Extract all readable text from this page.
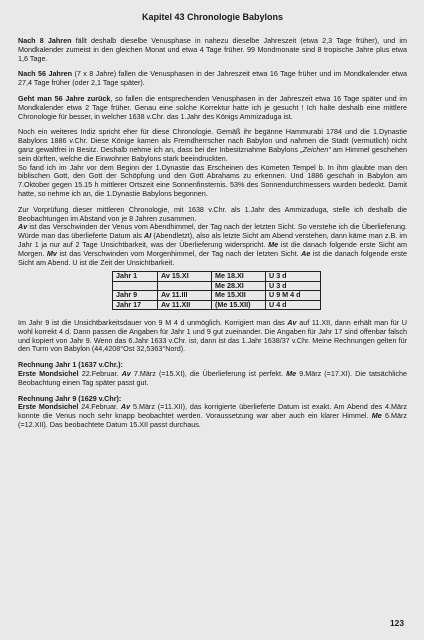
Kapitel 43 Chronologie Babylons

Nach 8 Jahren fällt deshalb dieselbe Venusphase in nahezu dieselbe Jahreszeit (etwa 2,3 Tage früher), und im Mondkalender zumeist in den gleichen Monat und etwa 4 Tage früher. 99 Mondmonate sind 8 tropische Jahre plus etwa 1,6 Tage.

Nach 56 Jahren (7 x 8 Jahre) fallen die Venusphasen in der Jahreszeit etwa 16 Tage früher und im Mondkalender etwa 27,4 Tage früher (oder 2,1 Tage später).

Geht man 56 Jahre zurück, so fallen die entsprechenden Venusphasen in der Jahreszeit etwa 16 Tage später und im Mondkalender etwa 2 Tage früher. Genau eine solche Korrektur hatte ich je gesucht ! Ich halte deshalb eine mittlere Chronologie für besser, in welcher 1638 v.Chr. das 1.Jahr des Königs Ammizaduga ist.

Noch ein weiteres Indiz spricht eher für diese Chronologie. Gemäß ihr begänne Hammurabi 1784 und die 1.Dynastie Babylons 1886 v.Chr. Diese Könige kamen als Fremdherrscher nach Babylon und nahmen die Stadt (vermutlich) nicht ganz gewaltfrei in Besitz. Deshalb nehme ich an, dass bei der Inbesitznahme Babylons „Zeichen“ am Himmel geschehen sein dürften, welche die Einwohner Babylons stark beeindruckten.
So fand ich im Jahr vor dem Beginn der 1.Dynastie das Erscheinen des Kometen Tempel b. In ihm glaubte man den biblischen Gott, den Gott der Schöpfung und den Gott Abrahams zu erkennen. Und 1886 geschah in Babylon am 7.Oktober gegen 15.15 h mittlerer Ortszeit eine Sonnenfinsternis. 53% des Sonnendurchmessers wurden bedeckt. Damit hatte, so nehme ich an, die 1.Dynastie Babylons begonnen.

Zur Vorprüfung dieser mittleren Chronologie, mit 1638 v.Chr. als 1.Jahr des Ammizaduga, stelle ich deshalb die Beobachtungen im Abstand von je 8 Jahren zusammen.
Av ist das Verschwinden der Venus vom Abendhimmel, der Tag nach der letzten Sicht. So verstehe ich die Überlieferung. Würde man das überlieferte Datum als AI (Abendletzt), also als letzte Sicht am Abend verstehen, dann käme man z.B. im Jahr 1 ja nur auf 2 Tage Unsichtbarkeit, was der Überlieferung widerspricht. Me ist die danach folgende erste Sicht am Morgen. Mv ist das Verschwinden vom Morgenhimmel, der Tag nach der letzten Sicht. Ae ist die danach folgende erste Sicht am Abend. U ist die Zeit der Unsichtbarkeit.

Jahr 1	Av 15.XI	Me 18.XI	U 3 d
		Me 28.XI	U 3 d
Jahr 9	Av 11.III	Me 15.XII	U 9 M 4 d
Jahr 17	Av 11.XII	(Me 15.XII)	U 4 d

Im Jahr 9 ist die Unsichtbarkeitsdauer von 9 M 4 d unmöglich. Korrigiert man das Av auf 11.XII, dann erhält man für U wohl korrekt 4 d. Dann passen die Angaben für Jahr 1 und 9 gut zueinander. Die Angaben für Jahr 17 sind offenbar falsch und kopiert von Jahr 9. Wenn das 6.Jahr 1633 v.Chr. ist, dann ist das 1.Jahr 1638/37 v.Chr. Meine Rechnungen gelten für den Turm von Babylon (44,4208°Ost 32,5363°Nord).

Rechnung Jahr 1 (1637 v.Chr.):

Erste Mondsichel 22.Februar. Av 7.März (=15.XI), die Überlieferung ist perfekt. Me 9.März (=17.XI). Die tatsächliche Beobachtung einen Tag später passt gut.

Rechnung Jahr 9 (1629 v.Chr):

Erste Mondsichel 24.Februar. Av 5.März (=11.XII), das korrigierte überlieferte Datum ist exakt. Am Abend des 4.März konnte die Venus noch sehr knapp beobachtet werden. Voraussetzung war aber auch ein klarer Himmel. Me 6.März (=12.XII). Das beobachtete Datum 15.XII passt durchaus.

123
